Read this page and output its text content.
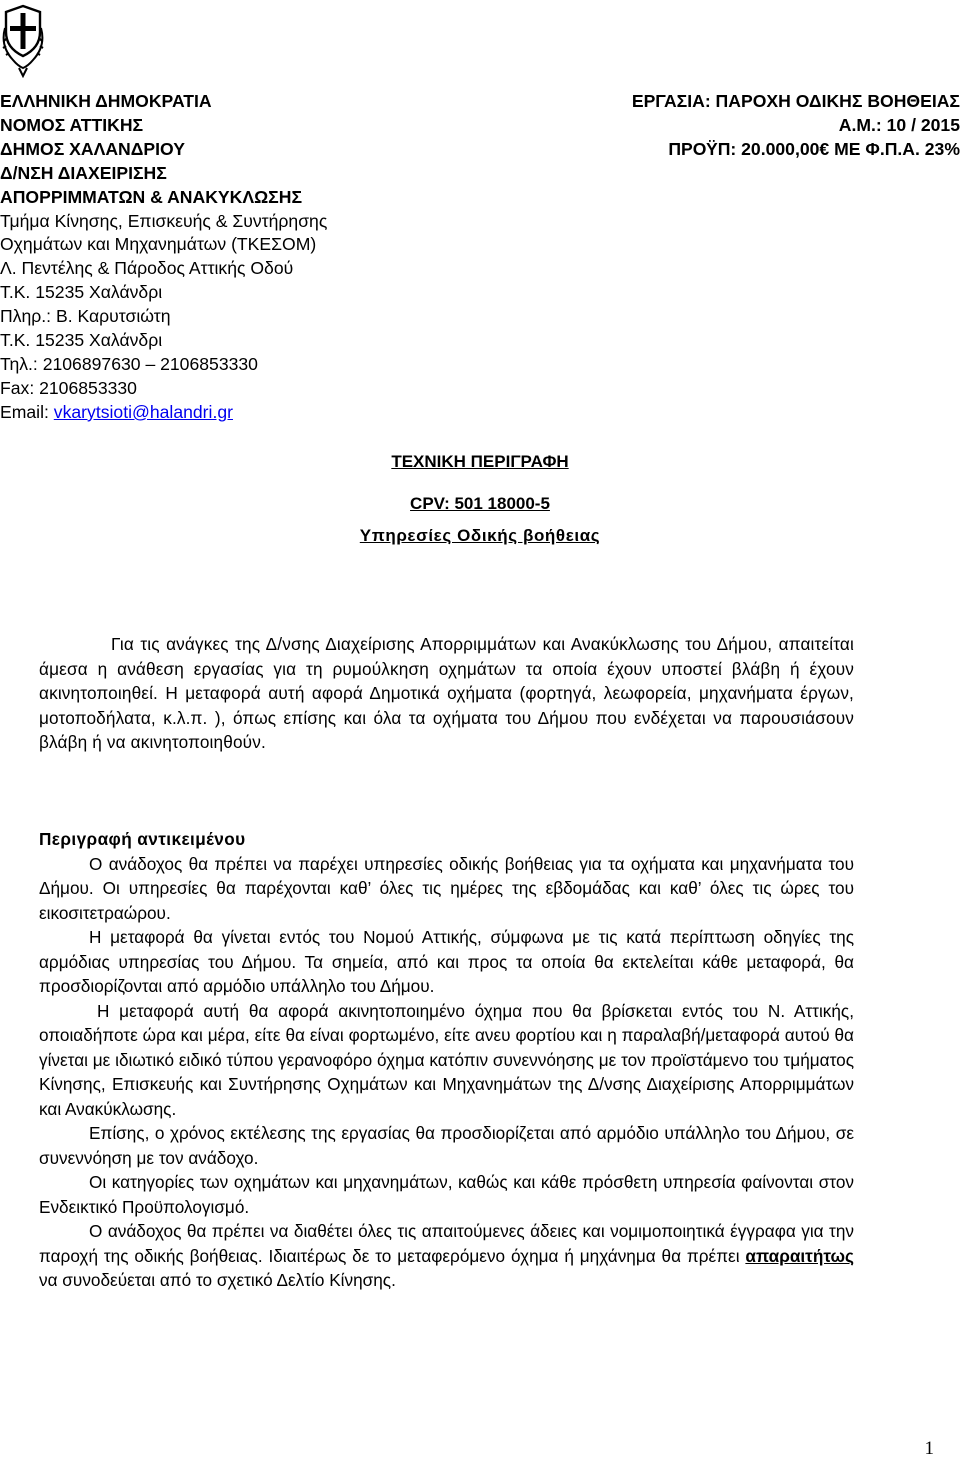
ΕΛΛΗΝΙΚΗ ΔΗΜΟΚΡΑΤΙΑ
ΝΟΜΟΣ ΑΤΤΙΚΗΣ
ΔΗΜΟΣ ΧΑΛΑΝΔΡΙΟΥ
Δ/ΝΣΗ ΔΙΑΧΕΙΡΙΣΗΣ
ΑΠΟΡΡΙΜΜΑΤΩΝ & ΑΝΑΚΥΚΛΩΣΗΣ
Τμήμα Κίνησης, Επισκευής & Συντήρησης
Οχημάτων και Μηχανημάτων (ΤΚΕΣΟΜ)
Λ. Πεντέλης & Πάροδος Αττικής Οδού
Τ.Κ. 15235 Χαλάνδρι
Πληρ.: Β. Καρυτσιώτη
Τ.Κ. 15235 Χαλάνδρι
Τηλ.: 2106897630 – 2106853330
Fax: 2106853330
Email: vkarytsioti@halandri.gr
ΕΡΓΑΣΙΑ: ΠΑΡΟΧΗ ΟΔΙΚΗΣ ΒΟΗΘΕΙΑΣ
Α.Μ.: 10 / 2015
ΠΡΟΫΠ: 20.000,00€ ΜΕ Φ.Π.Α. 23%
ΤΕΧΝΙΚΗ ΠΕΡΙΓΡΑΦΗ
CPV: 501 18000-5
Υπηρεσίες Οδικής βοήθειας

Για τις ανάγκες της Δ/νσης Διαχείρισης Απορριμμάτων και Ανακύκλωσης του Δήμου, απαιτείται άμεσα η ανάθεση εργασίας για τη ρυμούλκηση οχημάτων τα οποία έχουν υποστεί βλάβη ή έχουν ακινητοποιηθεί. Η μεταφορά αυτή αφορά Δημοτικά οχήματα (φορτηγά, λεωφορεία, μηχανήματα έργων, μοτοποδήλατα, κ.λ.π. ), όπως επίσης και όλα τα οχήματα του Δήμου που ενδέχεται να παρουσιάσουν βλάβη ή να ακινητοποιηθούν.

Περιγραφή αντικειμένου

Ο ανάδοχος θα πρέπει να παρέχει υπηρεσίες οδικής βοήθειας για τα οχήματα και μηχανήματα του Δήμου. Οι υπηρεσίες θα παρέχονται καθ’ όλες τις ημέρες της εβδομάδας και καθ’ όλες τις ώρες του εικοσιτετραώρου.

Η μεταφορά θα γίνεται εντός του Νομού Αττικής, σύμφωνα με τις κατά περίπτωση οδηγίες της αρμόδιας υπηρεσίας του Δήμου. Τα σημεία, από και προς τα οποία θα εκτελείται κάθε μεταφορά, θα προσδιορίζονται από αρμόδιο υπάλληλο του Δήμου.

Η μεταφορά αυτή θα αφορά ακινητοποιημένο όχημα που θα βρίσκεται εντός του Ν. Αττικής, οποιαδήποτε ώρα και μέρα, είτε θα είναι φορτωμένο, είτε ανευ φορτίου και η παραλαβή/μεταφορά αυτού θα γίνεται με ιδιωτικό ειδικό τύπου γερανοφόρο όχημα κατόπιν συνεννόησης με τον προϊστάμενο του τμήματος Κίνησης, Επισκευής και Συντήρησης Οχημάτων και Μηχανημάτων της Δ/νσης Διαχείρισης Απορριμμάτων και Ανακύκλωσης.

Επίσης, ο χρόνος εκτέλεσης της εργασίας θα προσδιορίζεται από αρμόδιο υπάλληλο του Δήμου, σε συνεννόηση με τον ανάδοχο.

Οι κατηγορίες των οχημάτων και μηχανημάτων, καθώς και κάθε πρόσθετη υπηρεσία φαίνονται στον Ενδεικτικό Προϋπολογισμό.

Ο ανάδοχος θα πρέπει να διαθέτει όλες τις απαιτούμενες άδειες και νομιμοποιητικά έγγραφα για την παροχή της οδικής βοήθειας. Ιδιαιτέρως δε το μεταφερόμενο όχημα ή μηχάνημα θα πρέπει απαραιτήτως να συνοδεύεται από το σχετικό Δελτίο Κίνησης.

1
